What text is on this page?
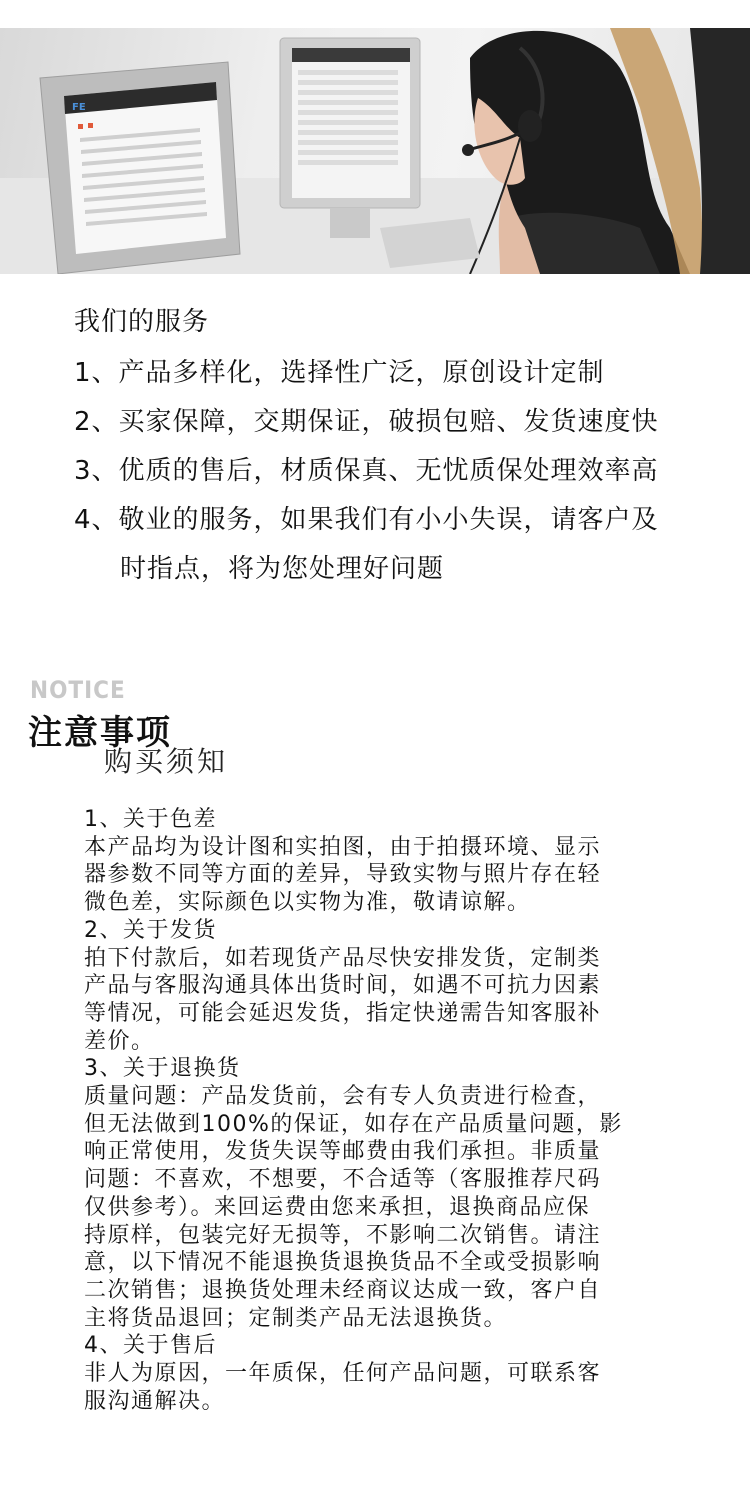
FE
我们的服务
1、产品多样化，选择性广泛，原创设计定制
2、买家保障，交期保证，破损包赔、发货速度快
3、优质的售后，材质保真、无忧质保处理效率高
4、敬业的服务，如果我们有小小失误，请客户及
时指点，将为您处理好问题
NOTICE
注意事项
购买须知

1、关于色差

本产品均为设计图和实拍图，由于拍摄环境、显示

器参数不同等方面的差异，导致实物与照片存在轻

微色差，实际颜色以实物为准，敬请谅解。

2、关于发货

拍下付款后，如若现货产品尽快安排发货，定制类

产品与客服沟通具体出货时间，如遇不可抗力因素

等情况，可能会延迟发货，指定快递需告知客服补

差价。

3、关于退换货

质量问题：产品发货前，会有专人负责进行检查，

但无法做到100%的保证，如存在产品质量问题，影

响正常使用，发货失误等邮费由我们承担。非质量

问题：不喜欢，不想要，不合适等（客服推荐尺码

仅供参考）。来回运费由您来承担，退换商品应保

持原样，包装完好无损等，不影响二次销售。请注

意，以下情况不能退换货退换货品不全或受损影响

二次销售；退换货处理未经商议达成一致，客户自

主将货品退回；定制类产品无法退换货。

4、关于售后

非人为原因，一年质保，任何产品问题，可联系客

服沟通解决。
